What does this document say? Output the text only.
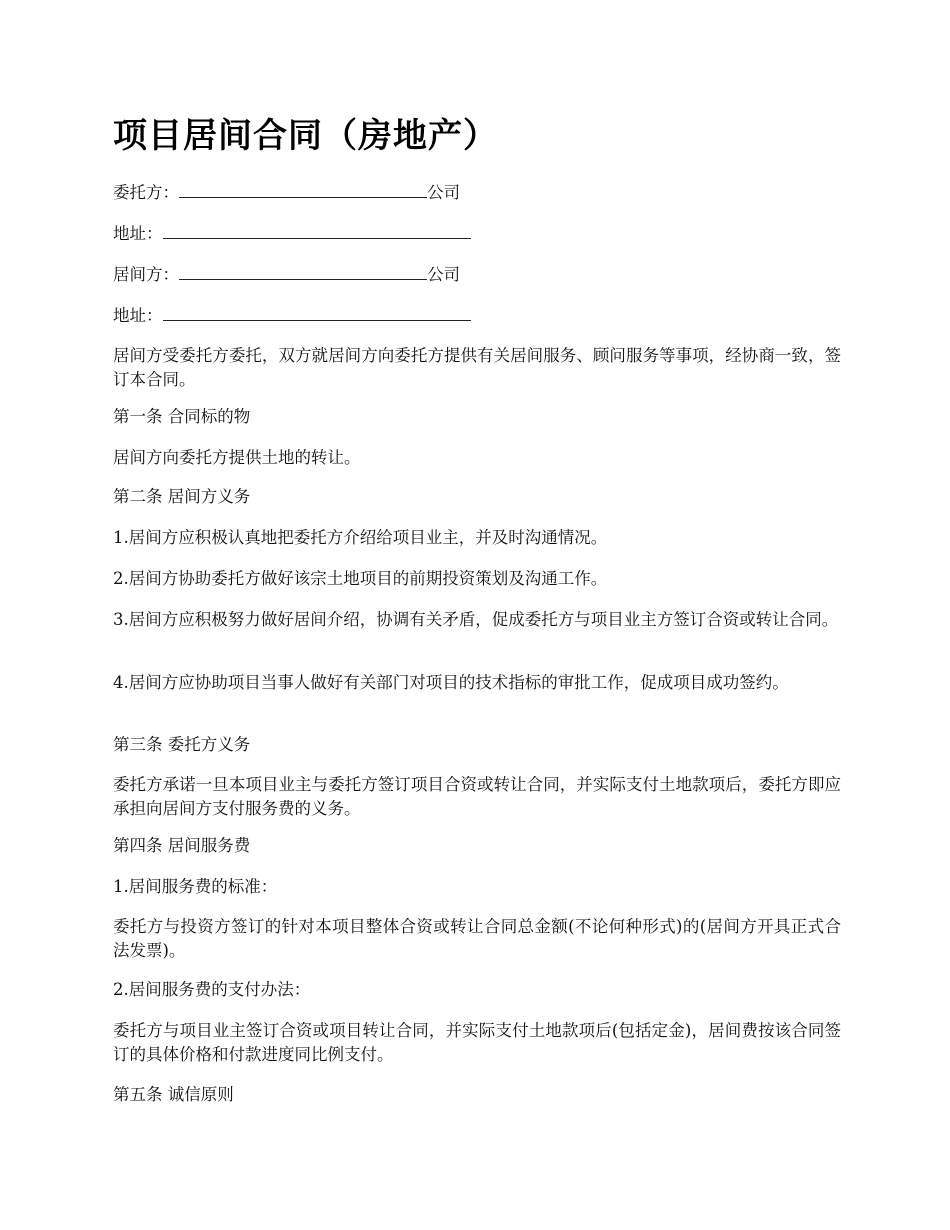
项目居间合同（房地产）

委托方：	公司

地址：

居间方：	公司

地址：

居间方受委托方委托，双方就居间方向委托方提供有关居间服务、顾问服务等事项，经协商一致，签订本合同。

第一条 合同标的物

居间方向委托方提供土地的转让。

第二条 居间方义务

1.居间方应积极认真地把委托方介绍给项目业主，并及时沟通情况。

2.居间方协助委托方做好该宗土地项目的前期投资策划及沟通工作。

3.居间方应积极努力做好居间介绍，协调有关矛盾，促成委托方与项目业主方签订合资或转让合同。

4.居间方应协助项目当事人做好有关部门对项目的技术指标的审批工作，促成项目成功签约。

第三条 委托方义务

委托方承诺一旦本项目业主与委托方签订项目合资或转让合同，并实际支付土地款项后，委托方即应承担向居间方支付服务费的义务。

第四条 居间服务费

1.居间服务费的标准：

委托方与投资方签订的针对本项目整体合资或转让合同总金额(不论何种形式)的(居间方开具正式合法发票)。

2.居间服务费的支付办法：

委托方与项目业主签订合资或项目转让合同，并实际支付土地款项后(包括定金)，居间费按该合同签订的具体价格和付款进度同比例支付。

第五条 诚信原则
